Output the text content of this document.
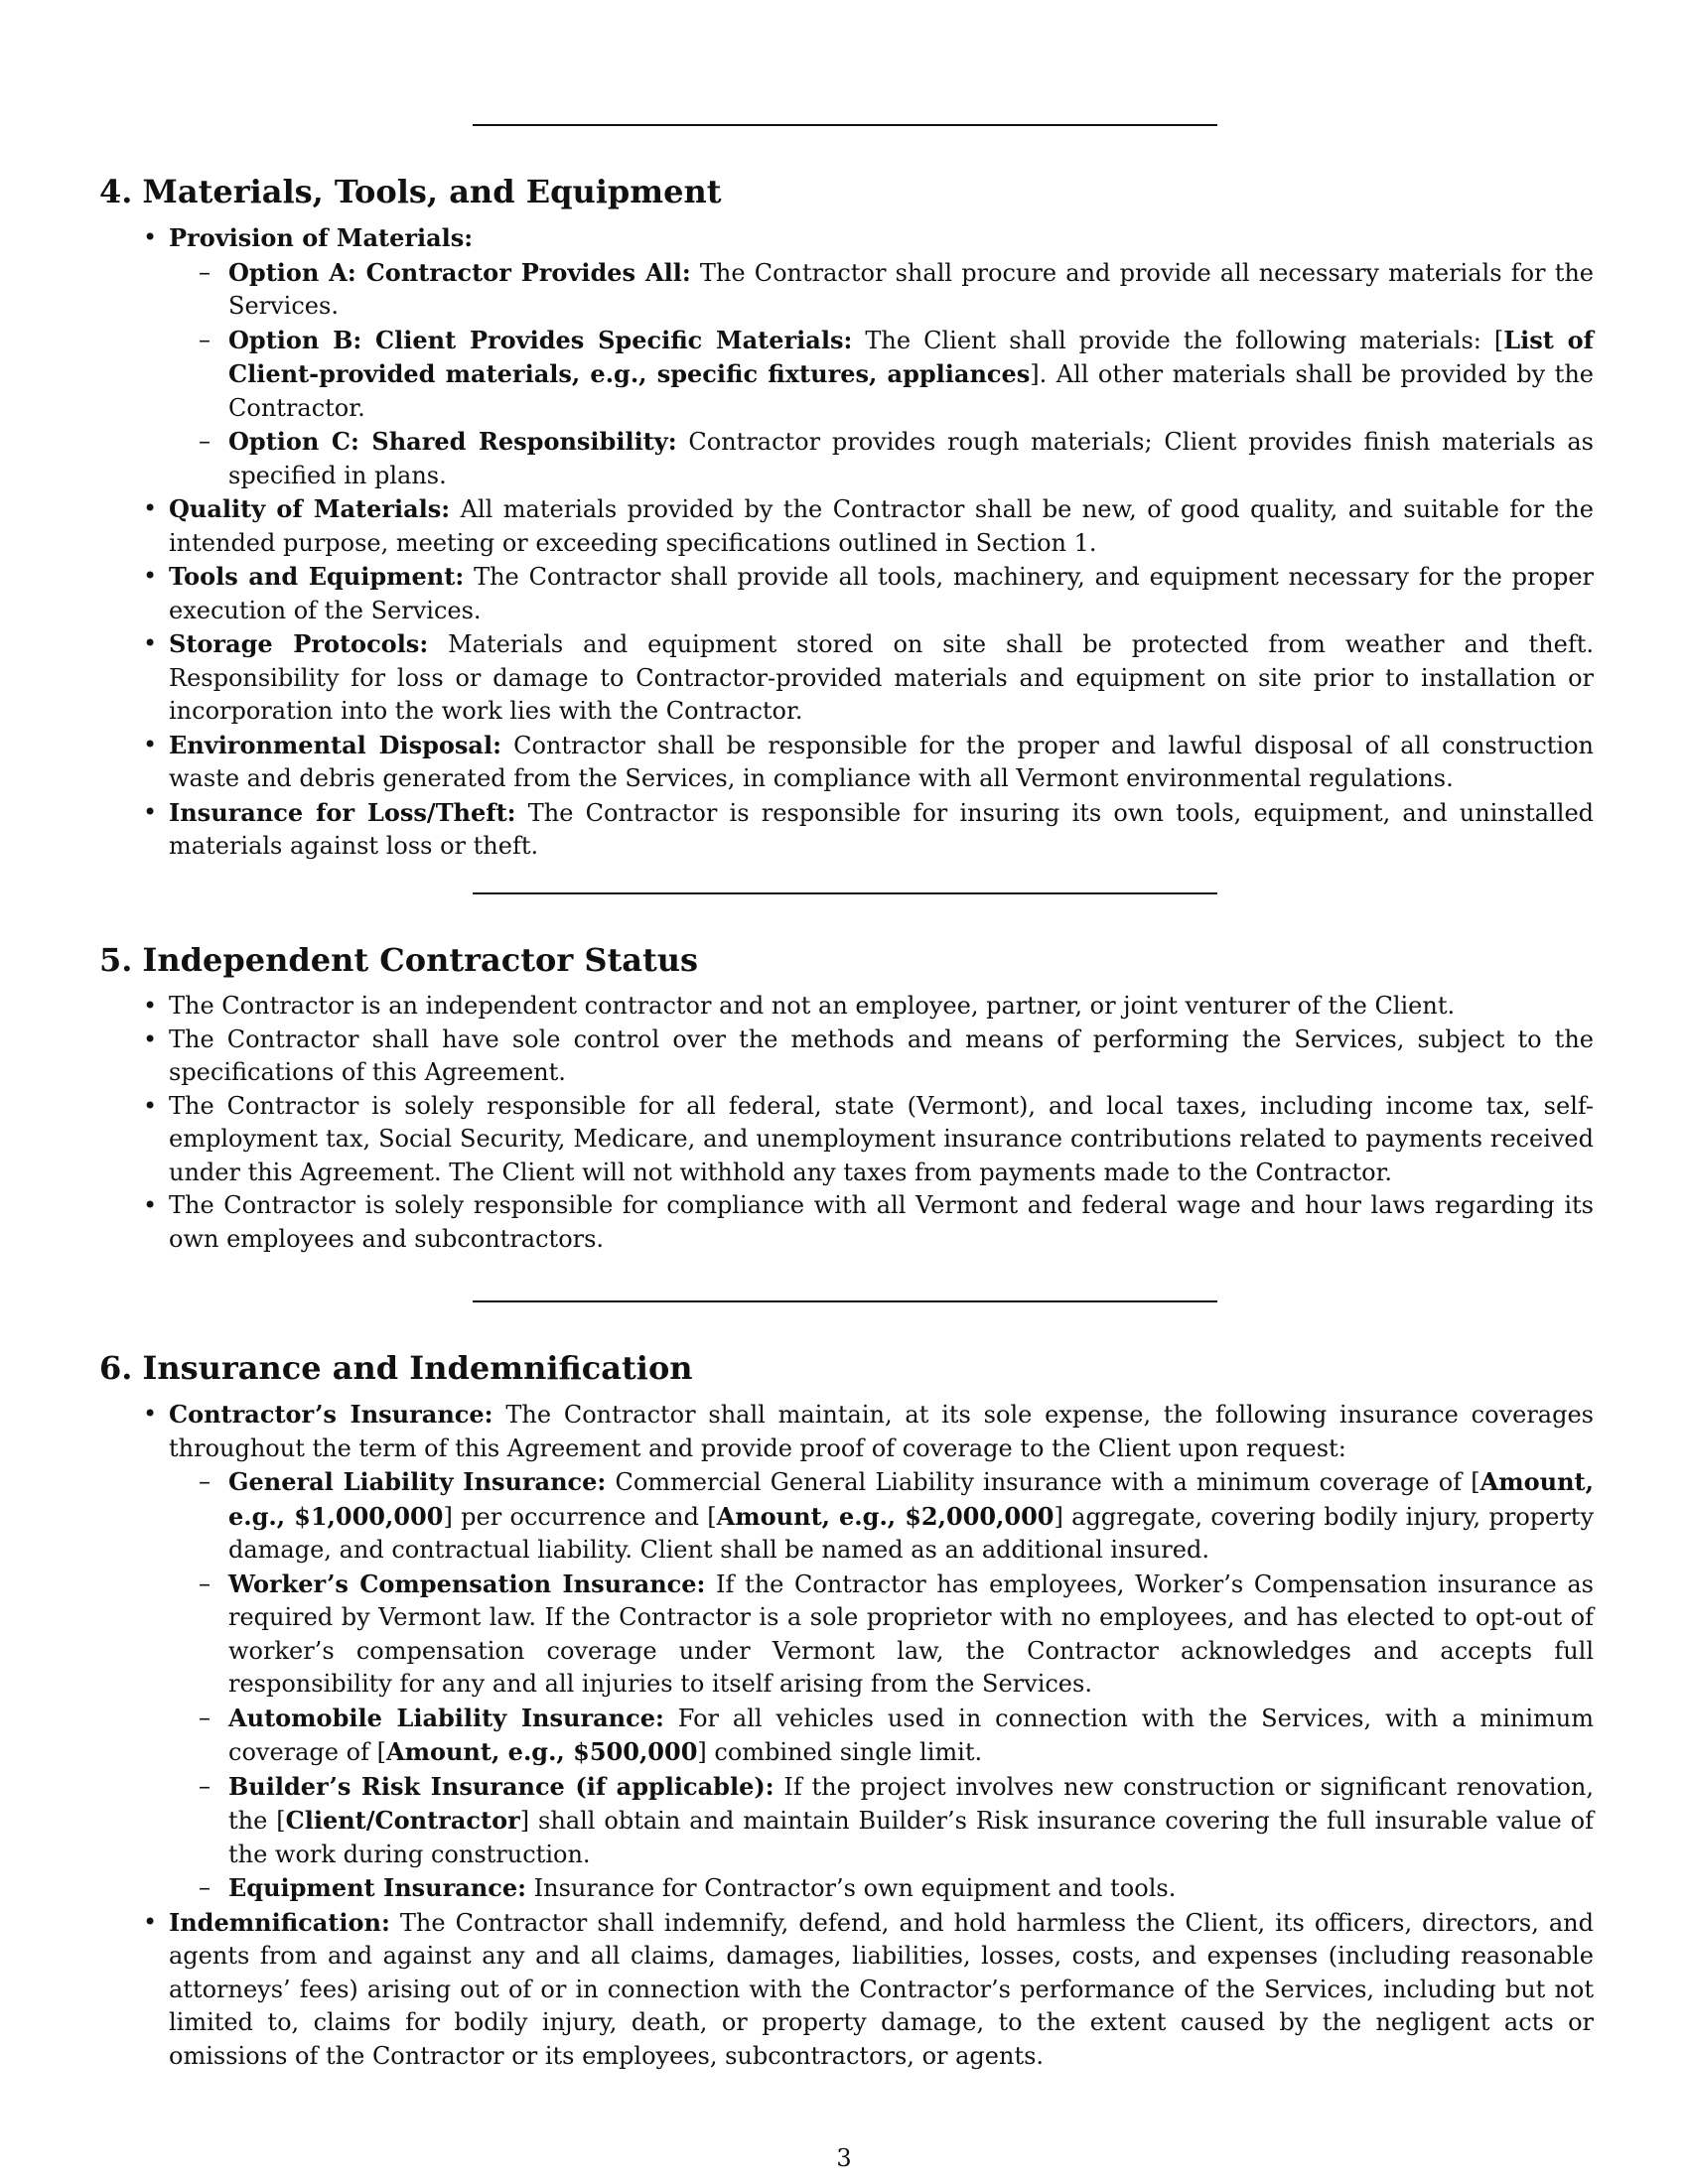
4. Materials, Tools, and Equipment
• Provision of Materials:
– Option A: Contractor Provides All: The Contractor shall procure and provide all necessary materials for the Services.
– Option B: Client Provides Specific Materials: The Client shall provide the following materials: [List of Client-provided materials, e.g., specific fixtures, appliances]. All other materials shall be provided by the Contractor.
– Option C: Shared Responsibility: Contractor provides rough materials; Client provides finish materials as specified in plans.
• Quality of Materials: All materials provided by the Contractor shall be new, of good quality, and suitable for the intended purpose, meeting or exceeding specifications outlined in Section 1.
• Tools and Equipment: The Contractor shall provide all tools, machinery, and equipment necessary for the proper execution of the Services.
• Storage Protocols: Materials and equipment stored on site shall be protected from weather and theft. Responsibility for loss or damage to Contractor-provided materials and equipment on site prior to installation or incorporation into the work lies with the Contractor.
• Environmental Disposal: Contractor shall be responsible for the proper and lawful disposal of all construction waste and debris generated from the Services, in compliance with all Vermont environmental regulations.
• Insurance for Loss/Theft: The Contractor is responsible for insuring its own tools, equipment, and uninstalled materials against loss or theft.
5. Independent Contractor Status
• The Contractor is an independent contractor and not an employee, partner, or joint venturer of the Client.
• The Contractor shall have sole control over the methods and means of performing the Services, subject to the specifications of this Agreement.
• The Contractor is solely responsible for all federal, state (Vermont), and local taxes, including income tax, self-employment tax, Social Security, Medicare, and unemployment insurance contributions related to payments received under this Agreement. The Client will not withhold any taxes from payments made to the Contractor.
• The Contractor is solely responsible for compliance with all Vermont and federal wage and hour laws regarding its own employees and subcontractors.
6. Insurance and Indemnification
• Contractor’s Insurance: The Contractor shall maintain, at its sole expense, the following insurance coverages throughout the term of this Agreement and provide proof of coverage to the Client upon request:
– General Liability Insurance: Commercial General Liability insurance with a minimum coverage of [Amount, e.g., $1,000,000] per occurrence and [Amount, e.g., $2,000,000] aggregate, covering bodily injury, property damage, and contractual liability. Client shall be named as an additional insured.
– Worker’s Compensation Insurance: If the Contractor has employees, Worker’s Compensation insurance as required by Vermont law. If the Contractor is a sole proprietor with no employees, and has elected to opt-out of worker’s compensation coverage under Vermont law, the Contractor acknowledges and accepts full responsibility for any and all injuries to itself arising from the Services.
– Automobile Liability Insurance: For all vehicles used in connection with the Services, with a minimum coverage of [Amount, e.g., $500,000] combined single limit.
– Builder’s Risk Insurance (if applicable): If the project involves new construction or significant renovation, the [Client/Contractor] shall obtain and maintain Builder’s Risk insurance covering the full insurable value of the work during construction.
– Equipment Insurance: Insurance for Contractor’s own equipment and tools.
• Indemnification: The Contractor shall indemnify, defend, and hold harmless the Client, its officers, directors, and agents from and against any and all claims, damages, liabilities, losses, costs, and expenses (including reasonable attorneys’ fees) arising out of or in connection with the Contractor’s performance of the Services, including but not limited to, claims for bodily injury, death, or property damage, to the extent caused by the negligent acts or omissions of the Contractor or its employees, subcontractors, or agents.
3
